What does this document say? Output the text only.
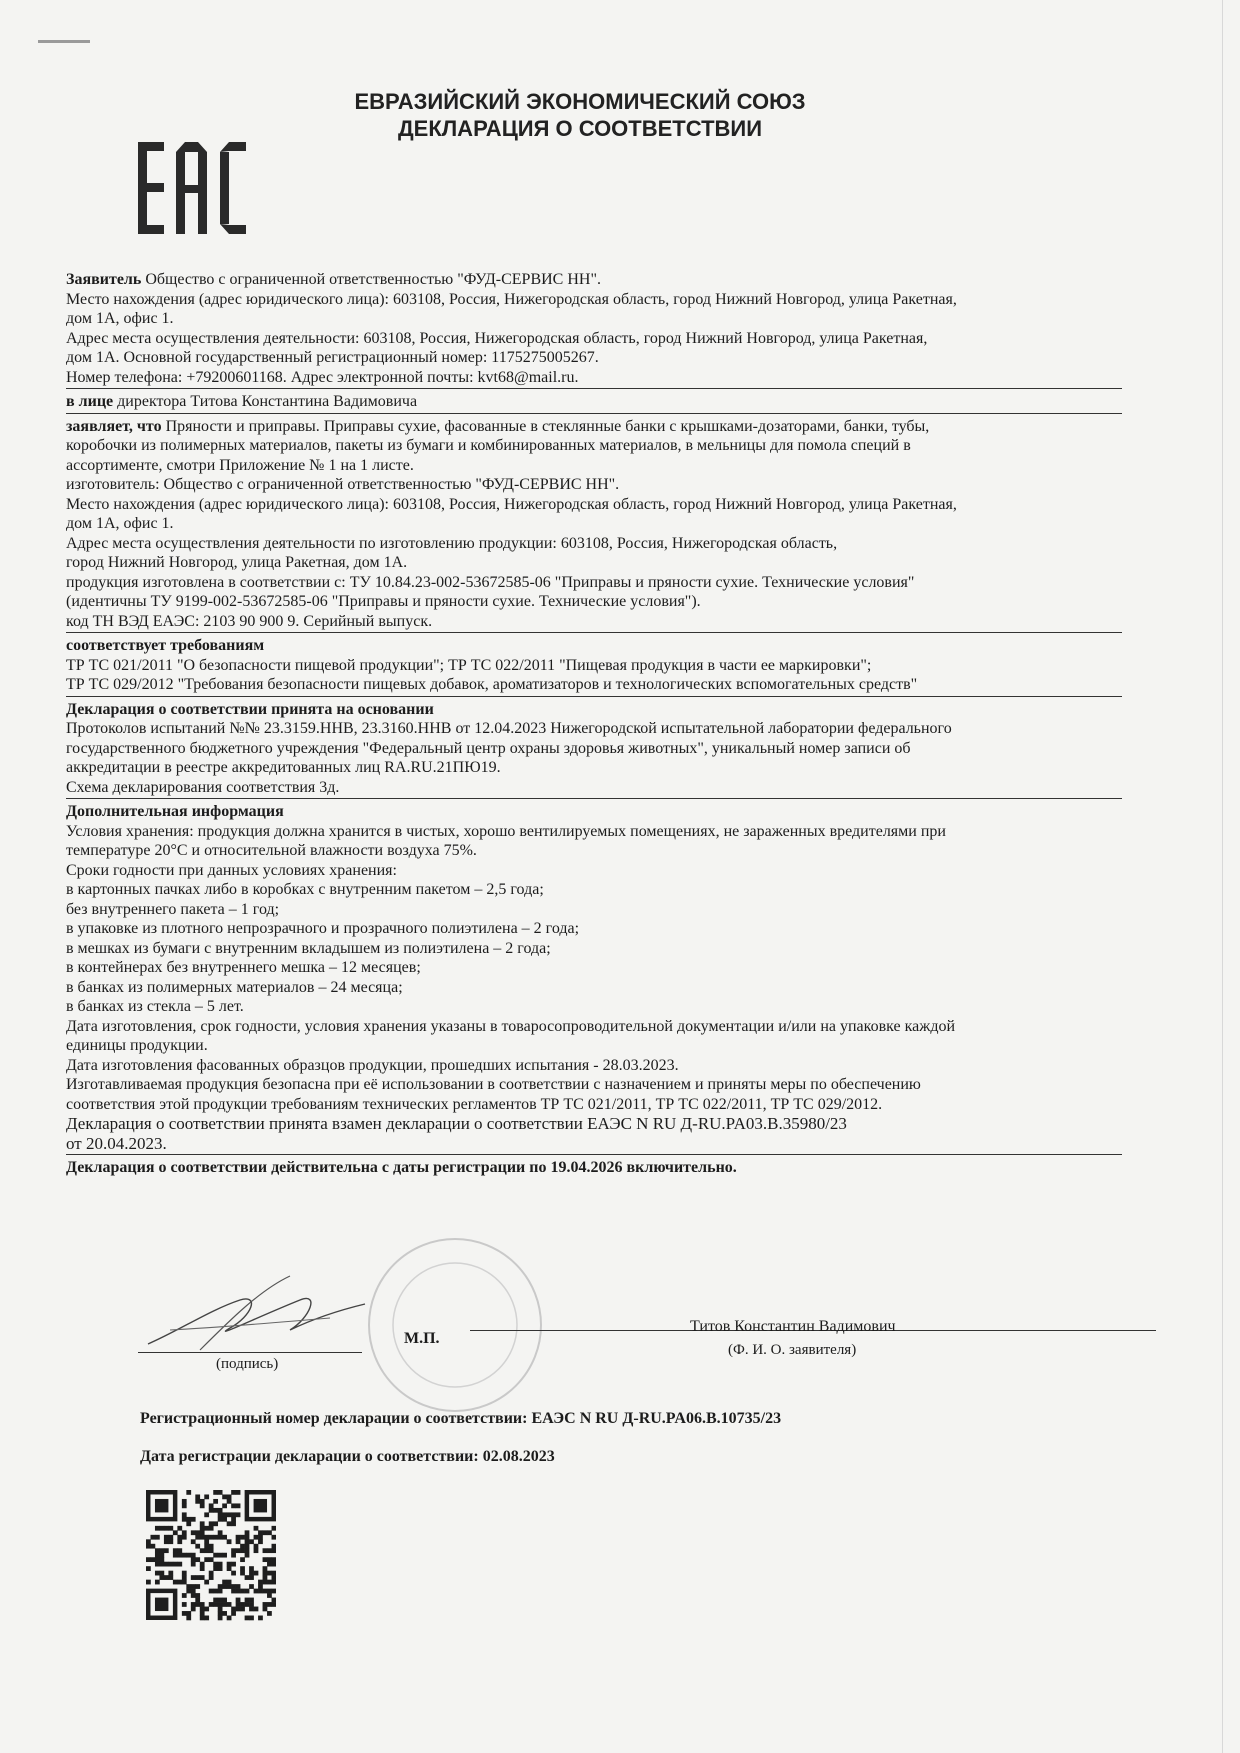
ЕВРАЗИЙСКИЙ ЭКОНОМИЧЕСКИЙ СОЮЗ
ДЕКЛАРАЦИЯ О СООТВЕТСТВИИ
Заявитель Общество с ограниченной ответственностью "ФУД-СЕРВИС НН".
Место нахождения (адрес юридического лица): 603108, Россия, Нижегородская область, город Нижний Новгород, улица Ракетная,
дом 1А, офис 1.
Адрес места осуществления деятельности: 603108, Россия, Нижегородская область, город Нижний Новгород, улица Ракетная,
дом 1А. Основной государственный регистрационный номер: 1175275005267.
Номер телефона: +79200601168. Адрес электронной почты: kvt68@mail.ru.
в лице директора Титова Константина Вадимовича
заявляет, что Пряности и приправы. Приправы сухие, фасованные в стеклянные банки с крышками-дозаторами, банки, тубы,
коробочки из полимерных материалов, пакеты из бумаги и комбинированных материалов, в мельницы для помола специй в
ассортименте, смотри Приложение № 1 на 1 листе.
изготовитель: Общество с ограниченной ответственностью "ФУД-СЕРВИС НН".
Место нахождения (адрес юридического лица): 603108, Россия, Нижегородская область, город Нижний Новгород, улица Ракетная,
дом 1А, офис 1.
Адрес места осуществления деятельности по изготовлению продукции: 603108, Россия, Нижегородская область,
город Нижний Новгород, улица Ракетная, дом 1А.
продукция изготовлена в соответствии с: ТУ 10.84.23-002-53672585-06 "Приправы и пряности сухие. Технические условия"
(идентичны ТУ 9199-002-53672585-06 "Приправы и пряности сухие. Технические условия").
код ТН ВЭД ЕАЭС: 2103 90 900 9. Серийный выпуск.
соответствует требованиям
ТР ТС 021/2011 "О безопасности пищевой продукции"; ТР ТС 022/2011 "Пищевая продукция в части ее маркировки";
ТР ТС 029/2012 "Требования безопасности пищевых добавок, ароматизаторов и технологических вспомогательных средств"
Декларация о соответствии принята на основании
Протоколов испытаний №№ 23.3159.ННВ, 23.3160.ННВ от 12.04.2023 Нижегородской испытательной лаборатории федерального
государственного бюджетного учреждения "Федеральный центр охраны здоровья животных", уникальный номер записи об
аккредитации в реестре аккредитованных лиц RA.RU.21ПЮ19.
Схема декларирования соответствия 3д.
Дополнительная информация
Условия хранения: продукция должна хранится в чистых, хорошо вентилируемых помещениях, не зараженных вредителями при
температуре 20°С и относительной влажности воздуха 75%.
Сроки годности при данных условиях хранения:
в картонных пачках либо в коробках с внутренним пакетом – 2,5 года;
без внутреннего пакета – 1 год;
в упаковке из плотного непрозрачного и прозрачного полиэтилена – 2 года;
в мешках из бумаги с внутренним вкладышем из полиэтилена – 2 года;
в контейнерах без внутреннего мешка – 12 месяцев;
в банках из полимерных материалов – 24 месяца;
в банках из стекла – 5 лет.
Дата изготовления, срок годности, условия хранения указаны в товаросопроводительной документации и/или на упаковке каждой
единицы продукции.
Дата изготовления фасованных образцов продукции, прошедших испытания - 28.03.2023.
Изготавливаемая продукция безопасна при её использовании в соответствии с назначением и приняты меры по обеспечению
соответствия этой продукции требованиям технических регламентов ТР ТС 021/2011, ТР ТС 022/2011, ТР ТС 029/2012.
Декларация о соответствии принята взамен декларации о соответствии ЕАЭС N RU Д-RU.PA03.B.35980/23
от 20.04.2023.
Декларация о соответствии действительна с даты регистрации по 19.04.2026 включительно.
М.П.
Титов Константин Вадимович
(подпись)
(Ф. И. О. заявителя)
Регистрационный номер декларации о соответствии: ЕАЭС N RU Д-RU.PA06.B.10735/23
Дата регистрации декларации о соответствии: 02.08.2023
